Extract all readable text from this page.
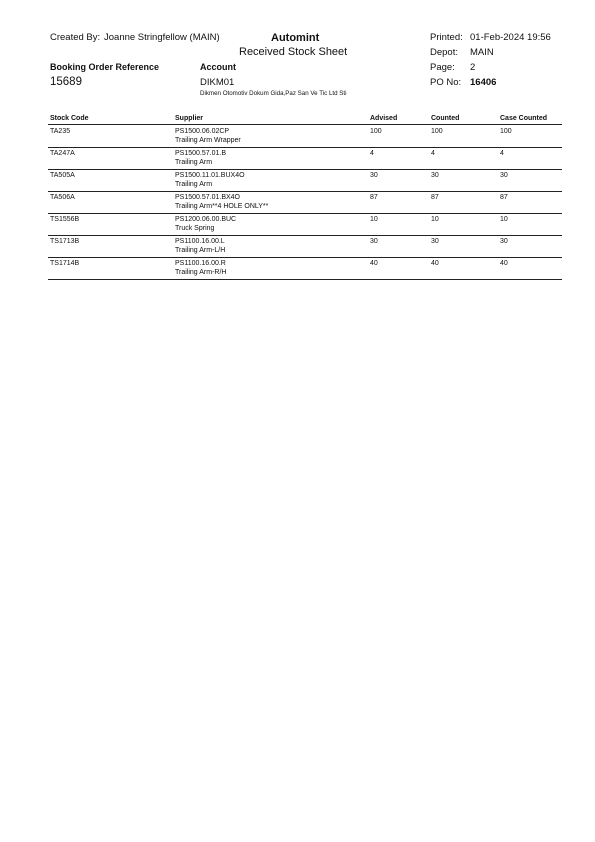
Created By: Joanne Stringfellow (MAIN)	Automint
Received Stock Sheet
Printed: 01-Feb-2024 19:56
Depot: MAIN
Booking Order Reference	Account	Page: 2
15689	DIKM01	PO No: 16406
Dikmen Otomotiv Dokum Gida,Paz San Ve Tic Ltd Sti
Stock Code	Supplier	Advised	Counted	Case Counted
TA235	PS1500.06.02CP
Trailing Arm Wrapper
100	100	100
TA247A	PS1500.57.01.B
Trailing Arm
4	4	4
TA505A	PS1500.11.01.BUX4O
Trailing Arm
30	30	30
TA506A	PS1500.57.01.BX4O
Trailing Arm**4 HOLE ONLY**
87	87	87
TS1556B	PS1200.06.00.BUC
Truck Spring
10	10	10
TS1713B	PS1100.16.00.L
Trailing Arm-L/H
30	30	30
TS1714B	PS1100.16.00.R
Trailing Arm-R/H
40	40	40
